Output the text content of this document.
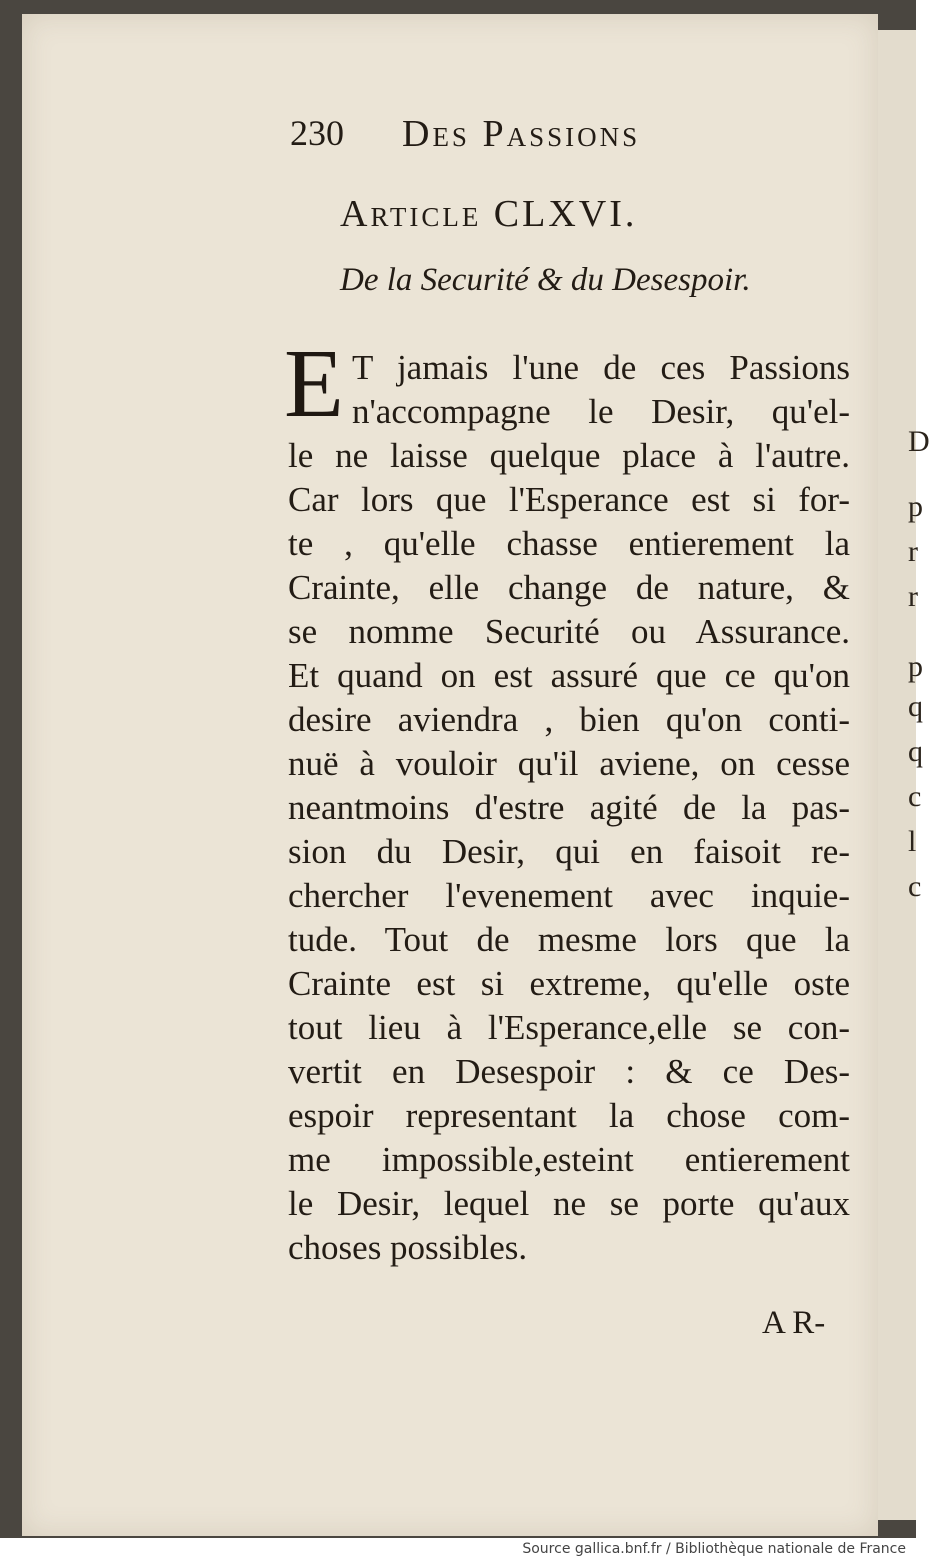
D
p
r
r
p
q
q
c
l
c
230 Des Passions
Article CLXVI.
De la Securité & du Desespoir.
E T jamais l'une de ces Passions
n'accompagne le Desir, qu'el-
le ne laisse quelque place à l'autre.
Car lors que l'Esperance est si for-
te , qu'elle chasse entierement la
Crainte, elle change de nature, &
se nomme Securité ou Assurance.
Et quand on est assuré que ce qu'on
desire aviendra , bien qu'on conti-
nuë à vouloir qu'il aviene, on cesse
neantmoins d'estre agité de la pas-
sion du Desir, qui en faisoit re-
chercher l'evenement avec inquie-
tude. Tout de mesme lors que la
Crainte est si extreme, qu'elle oste
tout lieu à l'Esperance,elle se con-
vertit en Desespoir : & ce Des-
espoir representant la chose com-
me impossible,esteint entierement
le Desir, lequel ne se porte qu'aux
choses possibles.
A R-
Source gallica.bnf.fr / Bibliothèque nationale de France
